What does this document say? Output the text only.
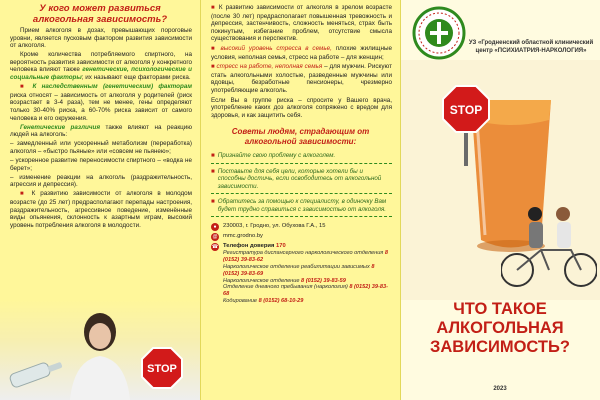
У кого может развиться алкогольная зависимость?

Прием алкоголя в дозах, превышающих пороговые уровни, является пусковым фактором развития зависимости от алкоголя.

Кроме количества потребляемого спиртного, на вероятность развития зависимости от алкоголя у конкретного человека влияют также генетические, психологические и социальные факторы; их называют еще факторами риска.

■ К наследственным (генетическим) факторам риска относят – зависимость от алкоголя у родителей (риск возрастает в 3-4 раза), тем не менее, гены определяют только 30-40% риска, а 60-70% риска зависит от самого человека и его окружения.

Генетические различия также влияют на реакцию людей на алкоголь:

– замедленный или ускоренный метаболизм (переработка) алкоголя – «быстро пьяные» или «совсем не пьянею»;

– ускоренное развитие переносимости спиртного – «водка не берет»;

– изменение реакции на алкоголь (раздражительность, агрессия и депрессия).

■ К развитию зависимости от алкоголя в молодом возрасте (до 25 лет) предрасполагают перепады настроения, раздражительность, агрессивное поведение, изменённые виды опьянения, склонность к азартным играм, высокий уровень потребления алкоголя в молодости.

STOP

■ К развитию зависимости от алкоголя в зрелом возрасте (после 30 лет) предрасполагает повышенная тревожность и депрессия, застенчивость, сложность меняться, страх быть покинутым, избегание проблем, отсутствие смысла существования и перспектив.

■ высокий уровень стресса в семье, плохие жилищные условия, неполная семья, стресс на работе – для женщин;

■ стресс на работе, неполная семья – для мужчин. Рискуют стать алкогольными холостые, разведенные мужчины или вдовцы, безработные пенсионеры, чрезмерно употребляющие алкоголь.

Если Вы в группе риска – спросите у Вашего врача, употребление каких доз алкоголя сопряжено с вредом для здоровья, и как защитить себя.

Советы людям, страдающим от алкогольной зависимости:
■ Признайте свою проблему с алкоголем.
■ Поставьте для себя цели, которые хотели бы и способны достичь, если освободитесь от алкогольной зависимости.
■ Обратитесь за помощью к специалисту, в одиночку Вам будет трудно справиться с зависимостью от алкоголя.
●	230003, г. Гродно, ул. Обухова Г.А., 15
@ mmc.grodno.by
☎ Телефон доверия 170
Регистратура диспансерного наркологического отделения 8 (0152) 39-83-62
Наркологическое отделение реабилитации зависимых 8 (0152) 39-83-69
Наркологическое отделение 8 (0152) 39-83-59
Отделение дневного пребывания (наркология) 8 (0152) 39-83-68
Кодирование 8 (0152) 68-10-29
STOP
УЗ «Гродненский областной клинический центр «ПСИХИАТРИЯ-НАРКОЛОГИЯ»
ЧТО ТАКОЕ АЛКОГОЛЬНАЯ ЗАВИСИМОСТЬ?
2023
